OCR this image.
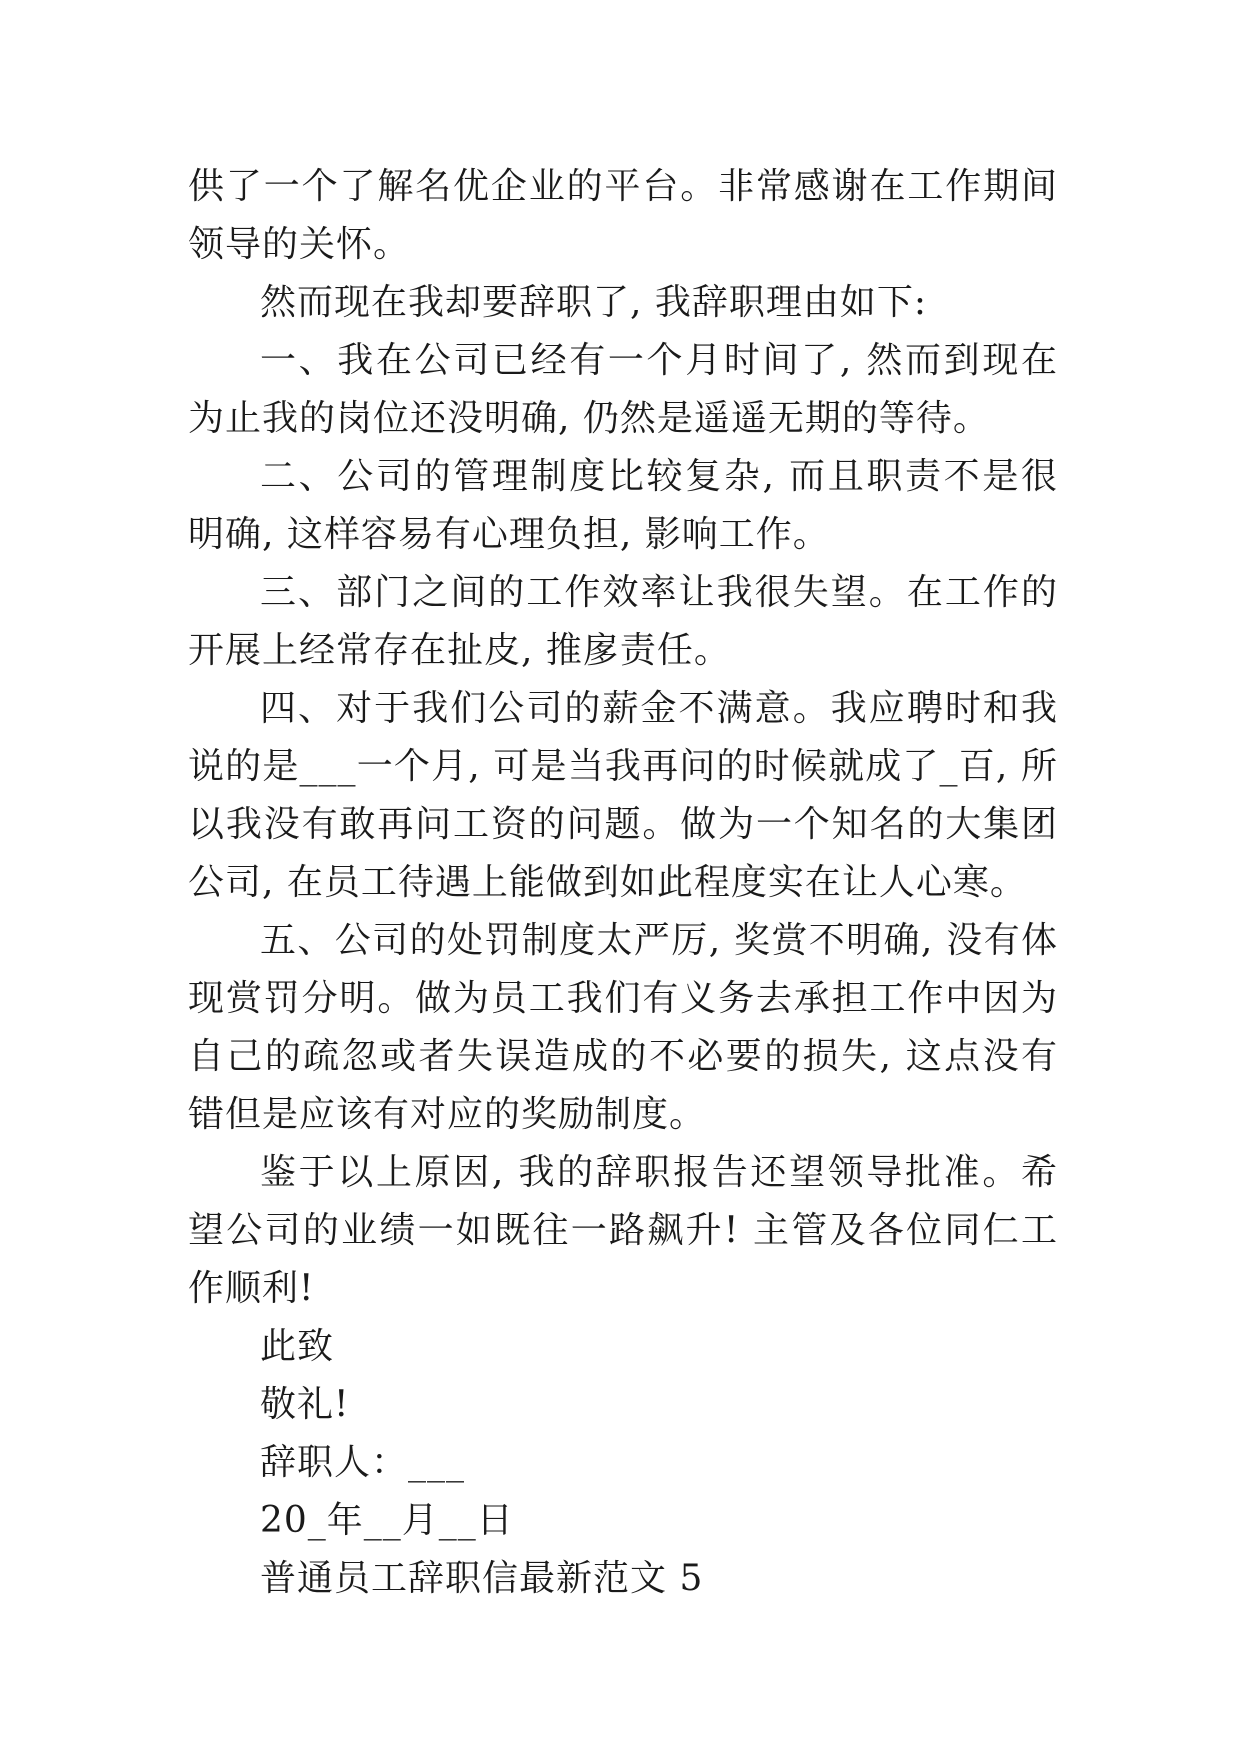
供了一个了解名优企业的平台。非常感谢在工作期间领导的关怀。

然而现在我却要辞职了, 我辞职理由如下:

一、我在公司已经有一个月时间了, 然而到现在为止我的岗位还没明确, 仍然是遥遥无期的等待。

二、公司的管理制度比较复杂, 而且职责不是很明确, 这样容易有心理负担, 影响工作。

三、部门之间的工作效率让我很失望。在工作的开展上经常存在扯皮, 推扅责任。

四、对于我们公司的薪金不满意。我应聘时和我说的是___一个月, 可是当我再问的时候就成了_百, 所以我没有敢再问工资的问题。做为一个知名的大集团公司, 在员工待遇上能做到如此程度实在让人心寒。

五、公司的处罚制度太严厉, 奖赏不明确, 没有体现赏罚分明。做为员工我们有义务去承担工作中因为自己的疏忽或者失误造成的不必要的损失, 这点没有错但是应该有对应的奖励制度。

鉴于以上原因, 我的辞职报告还望领导批准。希望公司的业绩一如既往一路飙升! 主管及各位同仁工作顺利!

此致

敬礼!

辞职人：___

20_年__月__日

普通员工辞职信最新范文 5
